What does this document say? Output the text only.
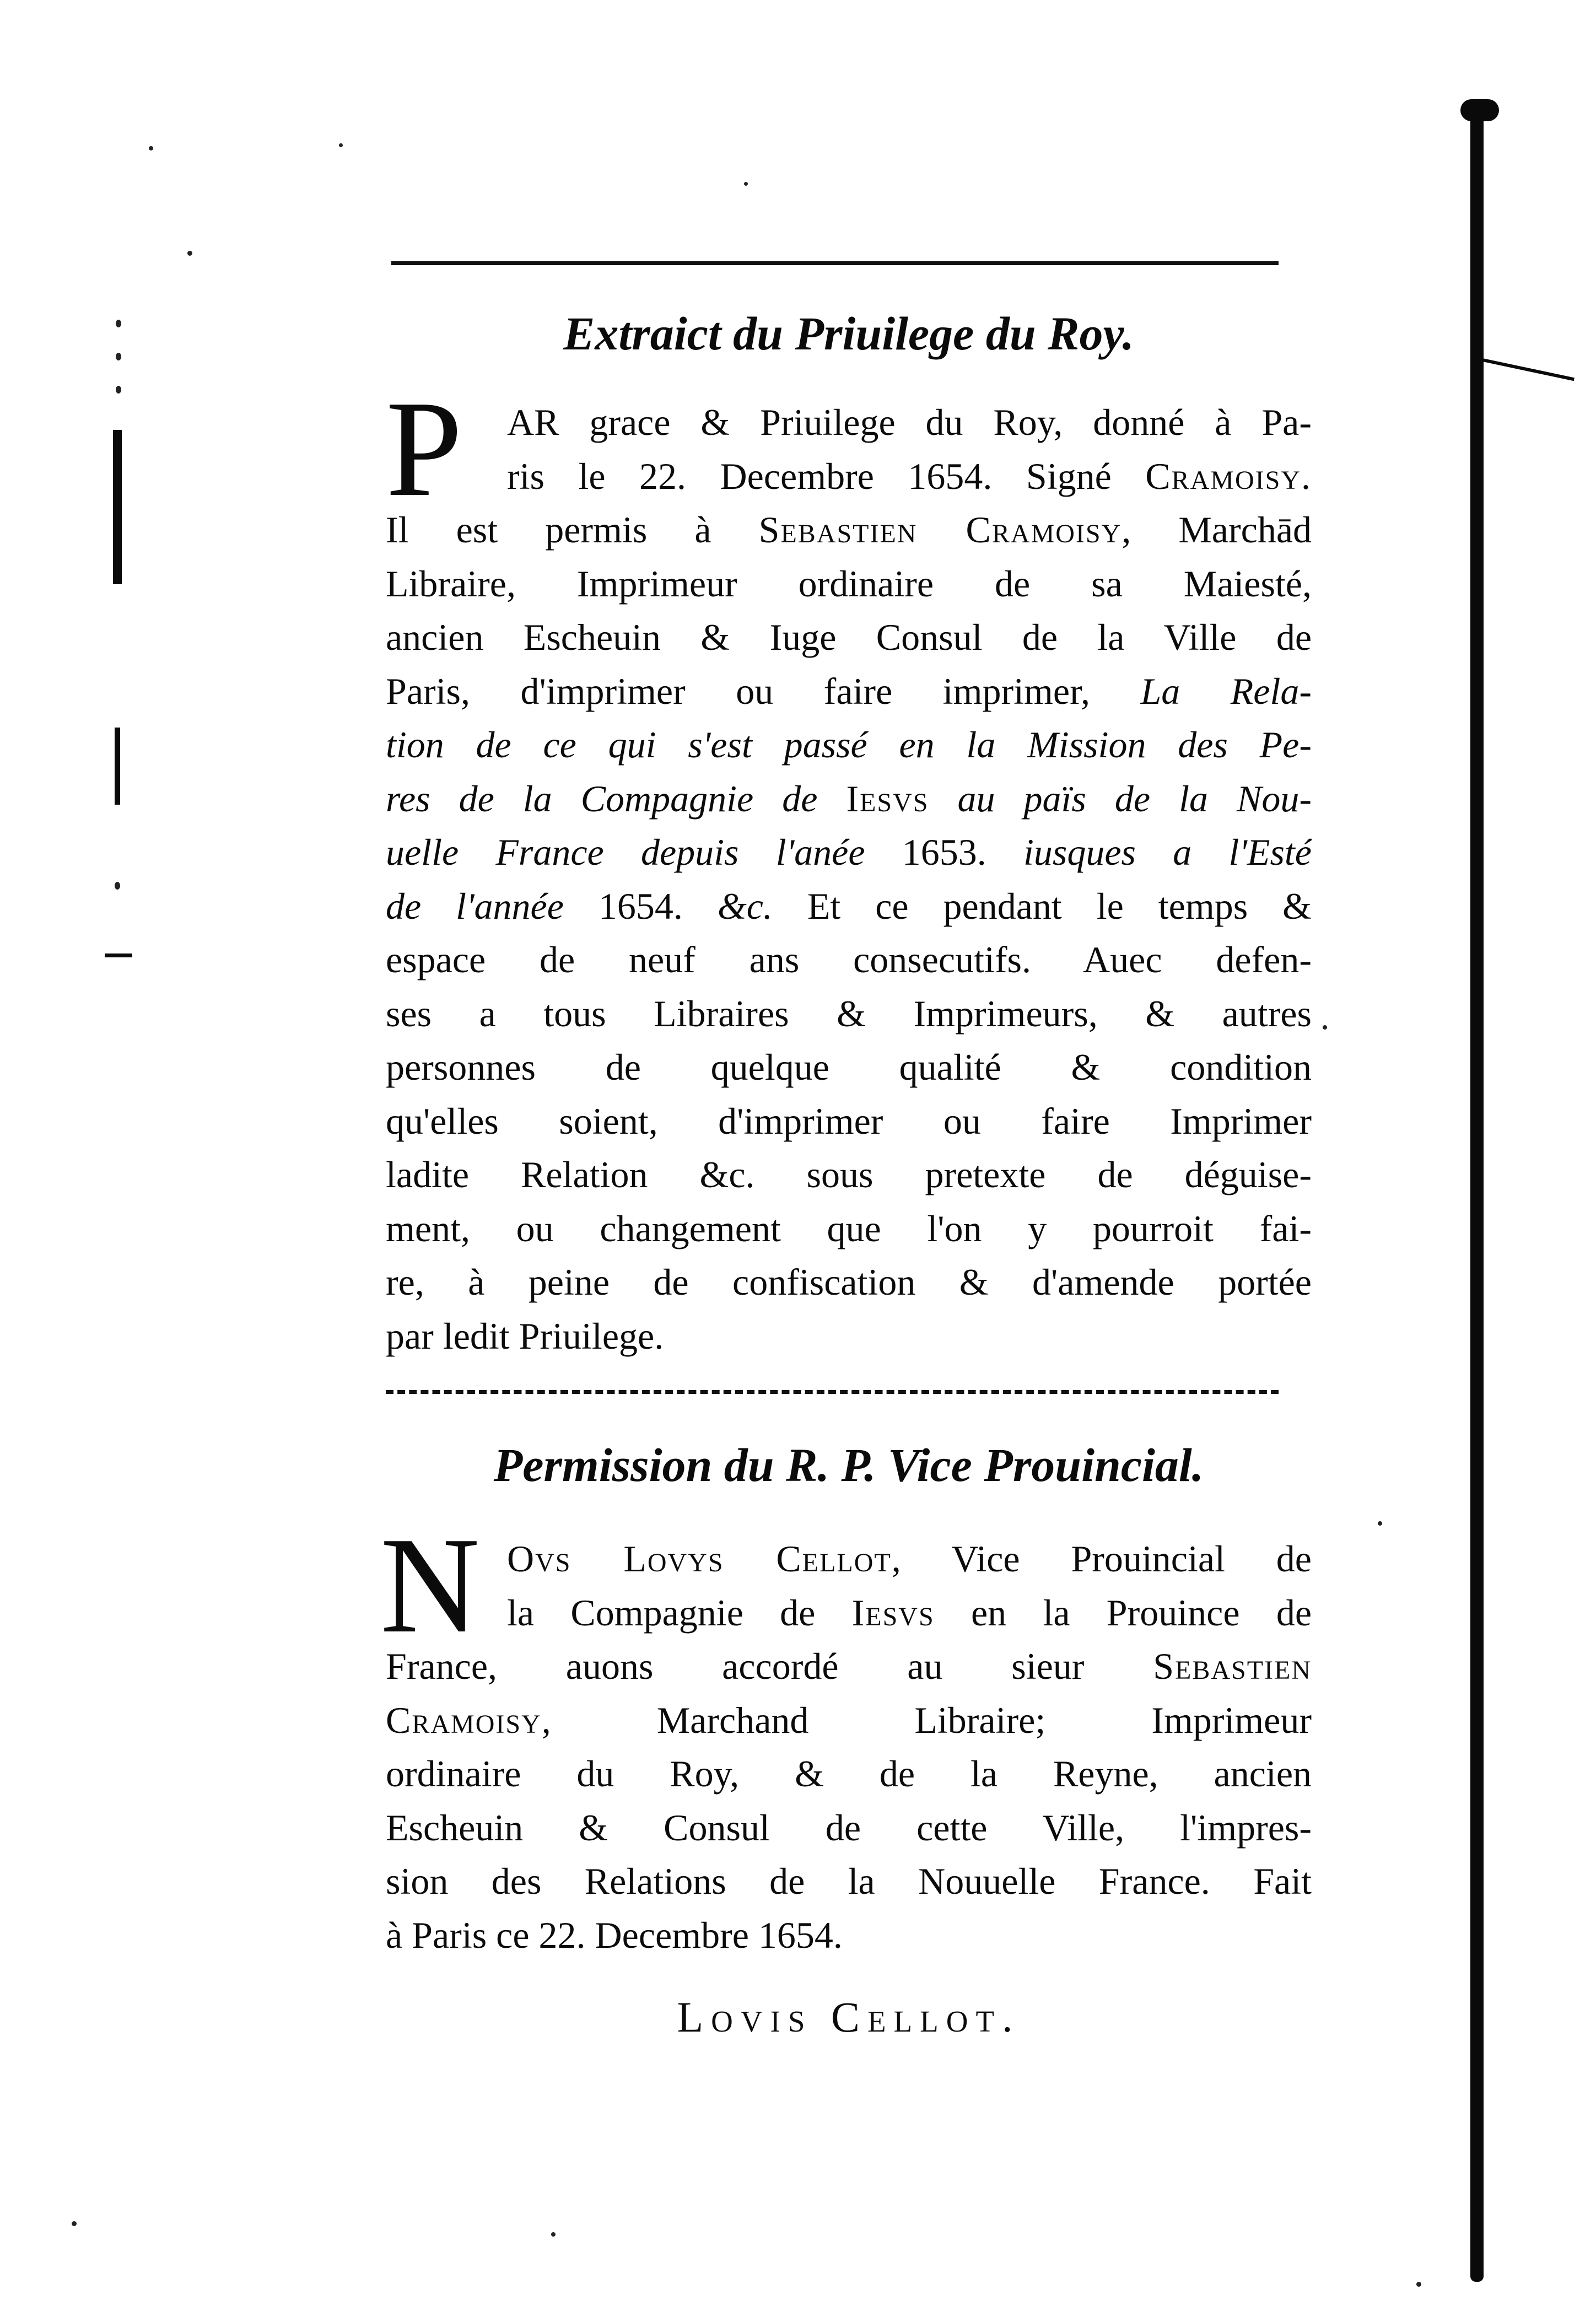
Extraict du Priuilege du Roy.
P	AR grace & Priuilege du Roy, donné à Pa-
ris le 22. Decembre 1654. Signé Cramoisy.
Il est permis à Sebastien Cramoisy, Marchād
Libraire, Imprimeur ordinaire de sa Maiesté,
ancien Escheuin & Iuge Consul de la Ville de
Paris, d'imprimer ou faire imprimer, La Rela-
tion de ce qui s'est passé en la Mission des Pe-
res de la Compagnie de Iesvs au païs de la Nou-
uelle France depuis l'anée 1653. iusques a l'Esté
de l'année 1654. &c. Et ce pendant le temps &
espace de neuf ans consecutifs. Auec defen-
ses a tous Libraires & Imprimeurs, & autres
personnes de quelque qualité & condition
qu'elles soient, d'imprimer ou faire Imprimer
ladite Relation &c. sous pretexte de déguise-
ment, ou changement que l'on y pourroit fai-
re, à peine de confiscation & d'amende portée
par ledit Priuilege.
Permission du R. P. Vice Prouincial.
N Ovs Lovys Cellot, Vice Prouincial de
la Compagnie de Iesvs en la Prouince de
France, auons accordé au sieur Sebastien
Cramoisy, Marchand Libraire; Imprimeur
ordinaire du Roy, & de la Reyne, ancien
Escheuin & Consul de cette Ville, l'impres-
sion des Relations de la Nouuelle France. Fait
à Paris ce 22. Decembre 1654.
Lovis Cellot.
